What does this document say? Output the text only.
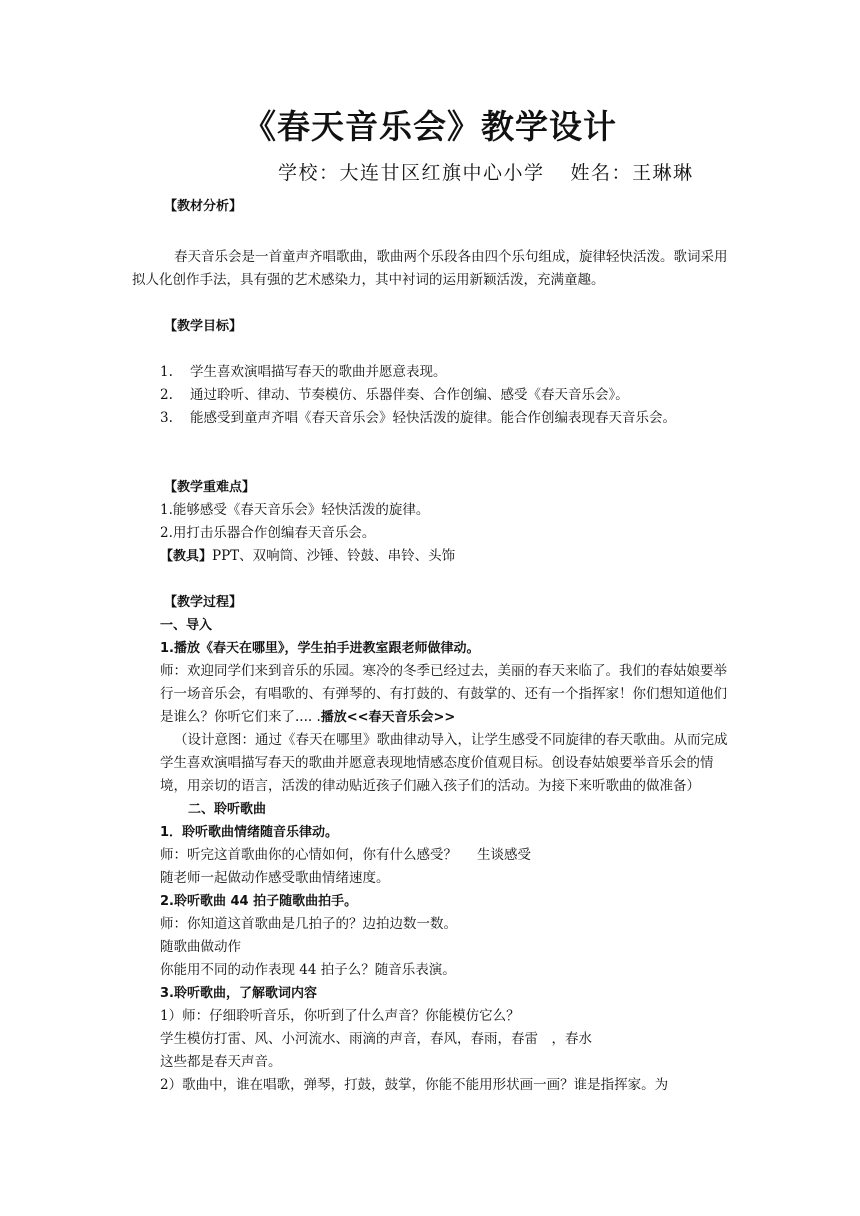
《春天音乐会》教学设计
学校：大连甘区红旗中心小学 姓名：王琳琳

【教材分析】

春天音乐会是一首童声齐唱歌曲，歌曲两个乐段各由四个乐句组成，旋律轻快活泼。歌词采用拟人化创作手法，具有强的艺术感染力，其中衬词的运用新颖活泼，充满童趣。

【教学目标】

1. 学生喜欢演唱描写春天的歌曲并愿意表现。

2. 通过聆听、律动、节奏模仿、乐器伴奏、合作创编、感受《春天音乐会》。

3. 能感受到童声齐唱《春天音乐会》轻快活泼的旋律。能合作创编表现春天音乐会。

【教学重难点】

1.能够感受《春天音乐会》轻快活泼的旋律。

2.用打击乐器合作创编春天音乐会。

【教具】PPT、双响筒、沙锤、铃鼓、串铃、头饰

【教学过程】

一、导入

1.播放《春天在哪里》，学生拍手进教室跟老师做律动。

师：欢迎同学们来到音乐的乐园。寒冷的冬季已经过去，美丽的春天来临了。我们的春姑娘要举行一场音乐会，有唱歌的、有弹琴的、有打鼓的、有鼓掌的、还有一个指挥家！你们想知道他们是谁么？你听它们来了.... .播放<<春天音乐会>>

（设计意图：通过《春天在哪里》歌曲律动导入，让学生感受不同旋律的春天歌曲。从而完成学生喜欢演唱描写春天的歌曲并愿意表现地情感态度价值观目标。创设春姑娘要举音乐会的情境，用亲切的语言，活泼的律动贴近孩子们融入孩子们的活动。为接下来听歌曲的做准备）

二、聆听歌曲

1．聆听歌曲情绪随音乐律动。

师：听完这首歌曲你的心情如何，你有什么感受？ 生谈感受

随老师一起做动作感受歌曲情绪速度。

2.聆听歌曲 44 拍子随歌曲拍手。

师：你知道这首歌曲是几拍子的？边拍边数一数。

随歌曲做动作

你能用不同的动作表现 44 拍子么？随音乐表演。

3.聆听歌曲，了解歌词内容

1）师：仔细聆听音乐，你听到了什么声音？你能模仿它么？

学生模仿打雷、风、小河流水、雨滴的声音，春风，春雨，春雷　，春水

这些都是春天声音。

2）歌曲中，谁在唱歌，弹琴，打鼓，鼓掌，你能不能用形状画一画？谁是指挥家。为
